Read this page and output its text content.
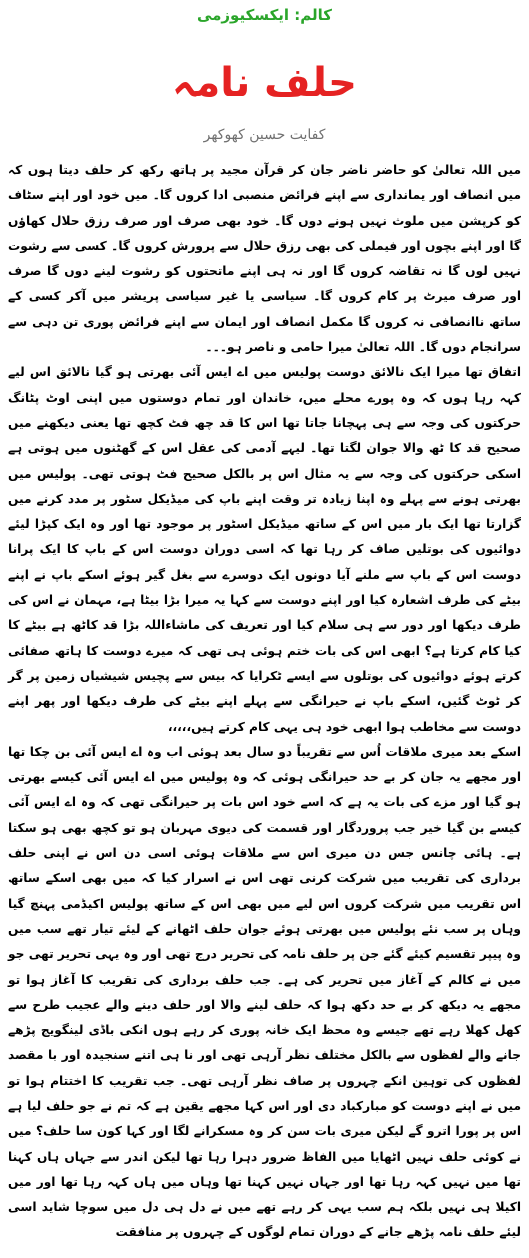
کالم: ایکسکیوزمی
حلف نامہ
کفایت حسین کھوکھر

میں اللہ تعالیٰ کو حاضر ناضر جان کر قرآن مجید پر ہاتھ رکھ کر حلف دیتا ہوں کہ میں انصاف اور یمانداری سے اپنے فرائض منصبی ادا کروں گا۔ میں خود اور اپنے سٹاف کو کرپشن میں ملوث نہیں ہونے دوں گا۔ خود بھی صرف اور صرف رزق حلال کھاؤں گا اور اپنے بچوں اور فیملی کی بھی رزق حلال سے پرورش کروں گا۔ کسی سے رشوت نہیں لوں گا نہ تقاضہ کروں گا اور نہ ہی اپنے ماتحتوں کو رشوت لینے دوں گا صرف اور صرف میرٹ پر کام کروں گا۔ سیاسی یا غیر سیاسی پریشر میں آکر کسی کے ساتھ ناانصافی نہ کروں گا مکمل انصاف اور ایمان سے اپنے فرائض پوری تن دہی سے سرانجام دوں گا۔ اللہ تعالیٰ میرا حامی و ناصر ہو۔۔۔

اتفاق تھا میرا ایک نالائق دوست پولیس میں اے ایس آئی بھرتی ہو گیا نالائق اس لیے کہہ رہا ہوں کہ وہ پورے محلے میں، خاندان اور تمام دوستوں میں اپنی اوٹ پٹانگ حرکتوں کی وجہ سے ہی پہچانا جاتا تھا اس کا قد چھ فٹ کچھ تھا یعنی دیکھنے میں صحیح قد کا ٹھ والا جوان لگتا تھا۔ لیہے آدمی کی عقل اس کے گھٹنوں میں ہوتی ہے اسکی حرکتوں کی وجہ سے یہ مثال اس پر بالکل صحیح فٹ ہوتی تھی۔ پولیس میں بھرتی ہونے سے پہلے وہ اپنا زیادہ تر وقت اپنے باپ کی میڈیکل سٹور پر مدد کرنے میں گزارتا تھا ایک بار میں اس کے ساتھ میڈیکل اسٹور پر موجود تھا اور وہ ایک کپڑا لیئے دوائیوں کی بوتلیں صاف کر رہا تھا کہ اسی دوران دوست اس کے باپ کا ایک پرانا دوست اس کے باپ سے ملنے آیا دونوں ایک دوسرے سے بغل گیر ہوئے اسکے باپ نے اپنے بیٹے کی طرف اشعارہ کیا اور اپنے دوست سے کہا یہ میرا بڑا بیٹا ہے، مہمان نے اس کی طرف دیکھا اور دور سے ہی سلام کیا اور تعریف کی ماشاءاللہ بڑا قد کاٹھ ہے بیٹے کا کیا کام کرتا ہے؟ ابھی اس کی بات ختم ہوئی ہی تھی کہ میرے دوست کا ہاتھ صفائی کرتے ہوئے دوائیوں کی بوتلوں سے ایسے ٹکرایا کہ بیس سے پچیس شیشیاں زمین پر گر کر ٹوٹ گئیں، اسکے باپ نے حیرانگی سے پہلے اپنے بیٹے کی طرف دیکھا اور پھر اپنے دوست سے مخاطب ہوا ابھی خود ہی یہی کام کرتے ہیں،،،،،

اسکے بعد میری ملاقات اُس سے تقریباً دو سال بعد ہوئی اب وہ اے ایس آئی بن چکا تھا اور مجھے یہ جان کر بے حد حیرانگی ہوئی کہ وہ پولیس میں اے ایس آئی کیسے بھرتی ہو گیا اور مزے کی بات یہ ہے کہ اسے خود اس بات پر حیرانگی تھی کہ وہ اے ایس آئی کیسے بن گیا خیر جب پروردگار اور قسمت کی دیوی مہربان ہو تو کچھ بھی ہو سکتا ہے۔ ہائی چانس جس دن میری اس سے ملاقات ہوئی اسی دن اس نے اپنی حلف برداری کی تقریب میں شرکت کرنی تھی اس نے اسرار کیا کہ میں بھی اسکے ساتھ اس تقریب میں شرکت کروں اس لیے میں بھی اس کے ساتھ پولیس اکیڈمی پہنچ گیا وہاں پر سب نئے پولیس میں بھرتی ہوئے جوان حلف اٹھانے کے لیئے تیار تھے سب میں وہ پیپر تقسیم کیئے گئے جن پر حلف نامہ کی تحریر درج تھی اور وہ یہی تحریر تھی جو میں نے کالم کے آغاز میں تحریر کی ہے۔ جب حلف برداری کی تقریب کا آغاز ہوا تو مجھے یہ دیکھ کر بے حد دکھ ہوا کہ حلف لینے والا اور حلف دینے والے عجیب طرح سے کھل کھلا رہے تھے جیسے وہ محظ ایک خانہ پوری کر رہے ہوں انکی باڈی لینگویج پڑھے جانے والے لفظوں سے بالکل مختلف نظر آرہی تھی اور نا ہی اتنے سنجیدہ اور با مقصد لفظوں کی توہین انکے چہروں پر صاف نظر آرہی تھی۔ جب تقریب کا اختتام ہوا تو میں نے اپنے دوست کو مبارکباد دی اور اس کہا مجھے یقین ہے کہ تم نے جو حلف لیا ہے اس پر پورا اترو گے لیکن میری بات سن کر وہ مسکرانے لگا اور کہا کون سا حلف؟ میں نے کوئی حلف نہیں اٹھایا میں الفاظ ضرور دہرا رہا تھا لیکن اندر سے جہاں ہاں کہنا تھا میں نہیں کہہ رہا تھا اور جہاں نہیں کہنا تھا وہاں میں ہاں کہہ رہا تھا اور میں اکیلا ہی نہیں بلکہ ہم سب یہی کر رہے تھے میں نے دل ہی دل میں سوچا شاید اسی لیئے حلف نامہ پڑھے جانے کے دوران تمام لوگوں کے چہروں پر منافقت
